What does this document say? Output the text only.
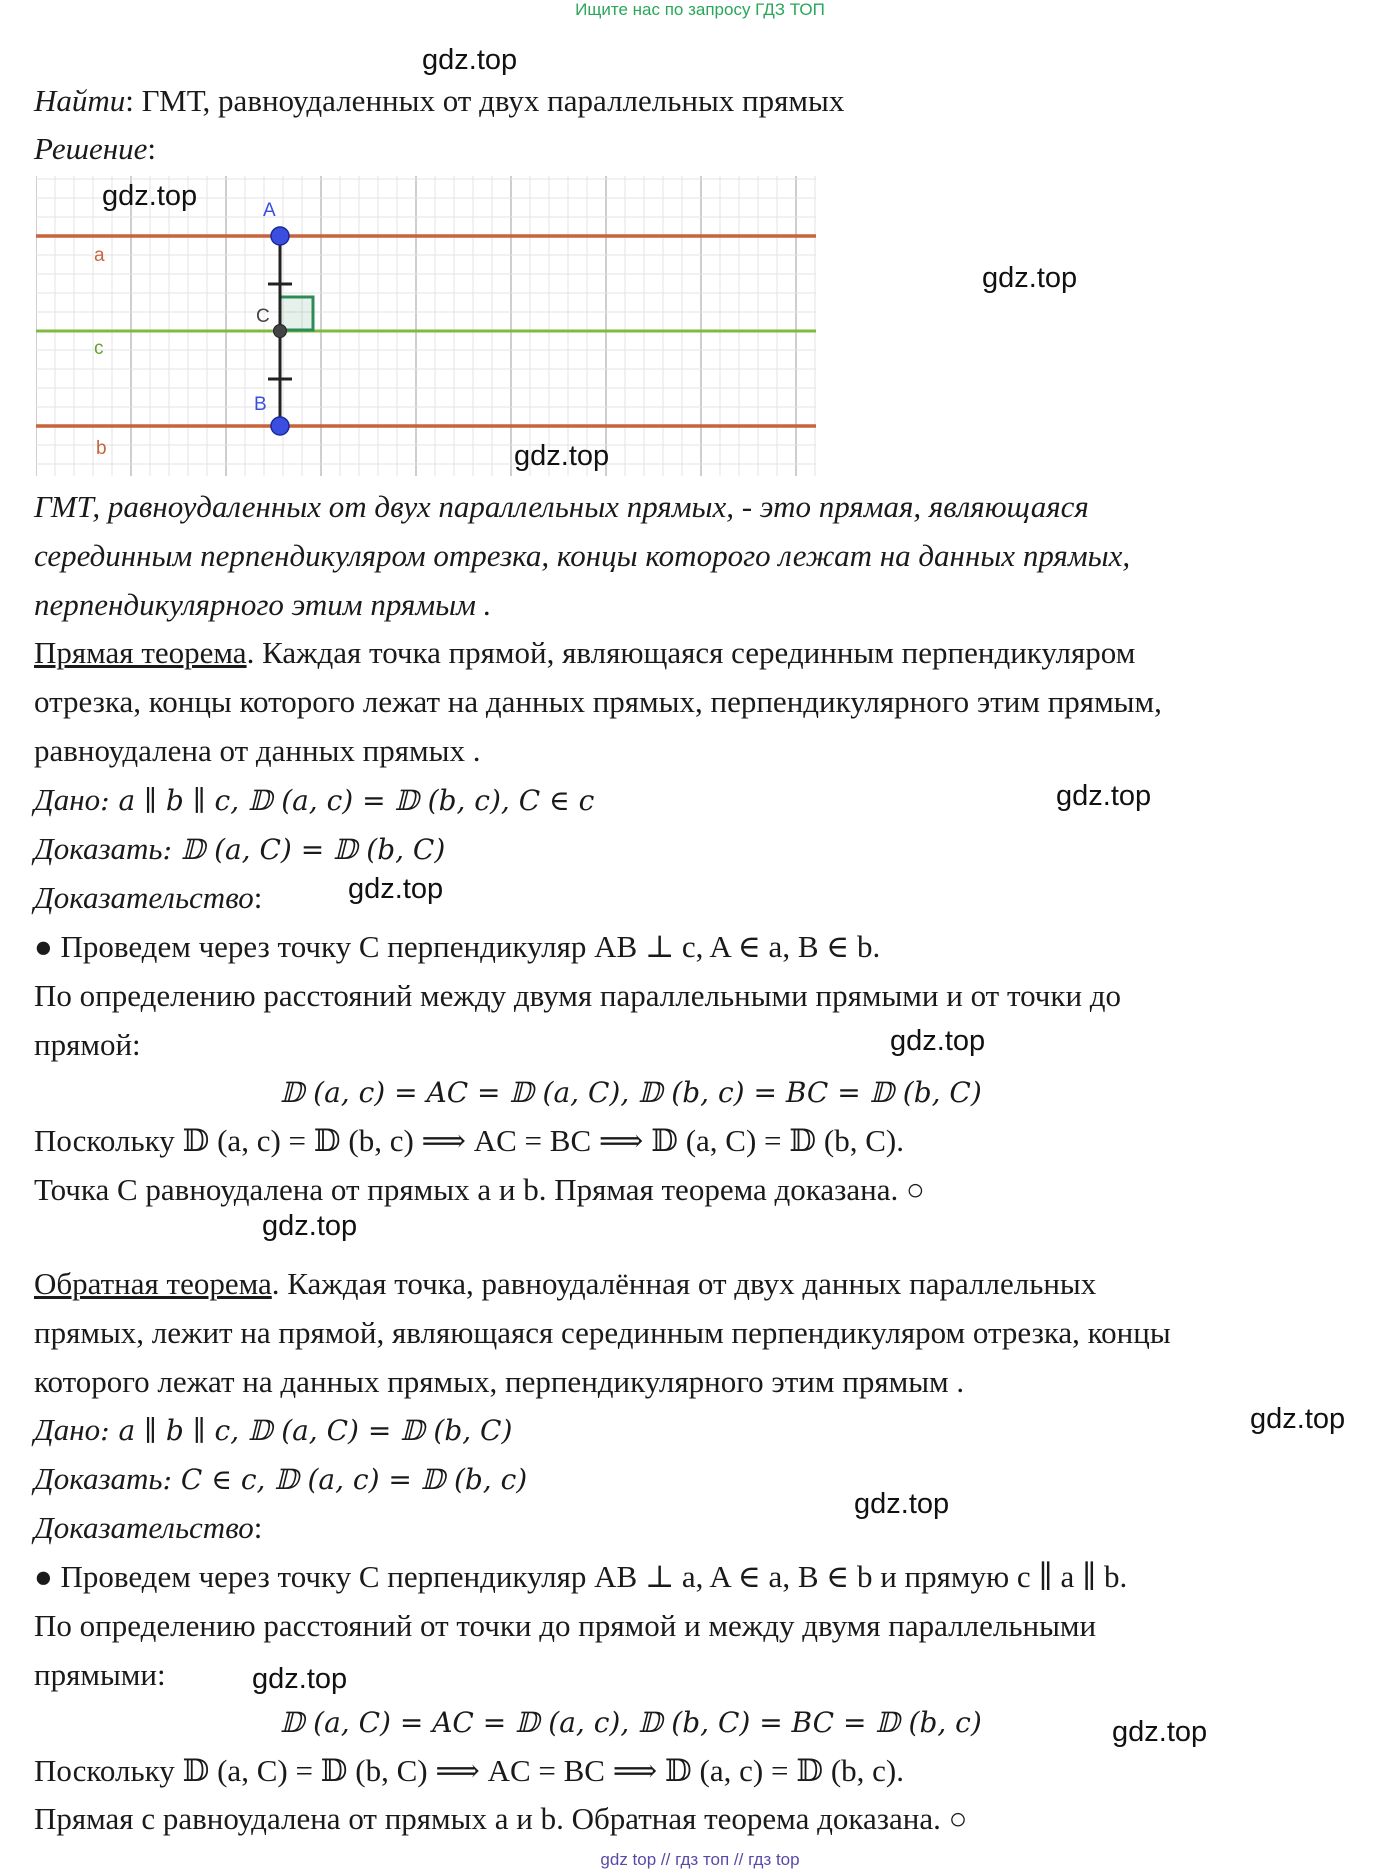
Ищите нас по запросу ГДЗ ТОП
Найти: ГМТ, равноудаленных от двух параллельных прямых
Решение:
A
C
B
a
c
b
ГМТ, равноудаленных от двух параллельных прямых, - это прямая, являющаяся
серединным перпендикуляром отрезка, концы которого лежат на данных прямых,
перпендикулярного этим прямым .
Прямая теорема. Каждая точка прямой, являющаяся серединным перпендикуляром
отрезка, концы которого лежат на данных прямых, перпендикулярного этим прямым,
равноудалена от данных прямых .
Дано: a ∥ b ∥ c, 𝔻 (a, c) = 𝔻 (b, c), C ∈ c
Доказать: 𝔻 (a, C) = 𝔻 (b, C)
Доказательство:
● Проведем через точку C перпендикуляр AB ⊥ c, A ∈ a, B ∈ b.
По определению расстояний между двумя параллельными прямыми и от точки до
прямой:
𝔻 (a, c) = AC = 𝔻 (a, C), 𝔻 (b, c) = BC = 𝔻 (b, C)
Поскольку 𝔻 (a, c) = 𝔻 (b, c) ⟹ AC = BC ⟹ 𝔻 (a, C) = 𝔻 (b, C).
Точка C равноудалена от прямых a и b. Прямая теорема доказана. ○
Обратная теорема. Каждая точка, равноудалённая от двух данных параллельных
прямых, лежит на прямой, являющаяся серединным перпендикуляром отрезка, концы
которого лежат на данных прямых, перпендикулярного этим прямым .
Дано: a ∥ b ∥ c, 𝔻 (a, C) = 𝔻 (b, C)
Доказать: C ∈ c, 𝔻 (a, c) = 𝔻 (b, c)
Доказательство:
● Проведем через точку C перпендикуляр AB ⊥ a, A ∈ a, B ∈ b и прямую c ∥ a ∥ b.
По определению расстояний от точки до прямой и между двумя параллельными
прямыми:
𝔻 (a, C) = AC = 𝔻 (a, c), 𝔻 (b, C) = BC = 𝔻 (b, c)
Поскольку 𝔻 (a, C) = 𝔻 (b, C) ⟹ AC = BC ⟹ 𝔻 (a, c) = 𝔻 (b, c).
Прямая c равноудалена от прямых a и b. Обратная теорема доказана. ○
gdz.top
gdz.top
gdz.top
gdz.top
gdz.top
gdz.top
gdz.top
gdz.top
gdz.top
gdz.top
gdz.top
gdz.top
gdz top // гдз топ // гдз top
